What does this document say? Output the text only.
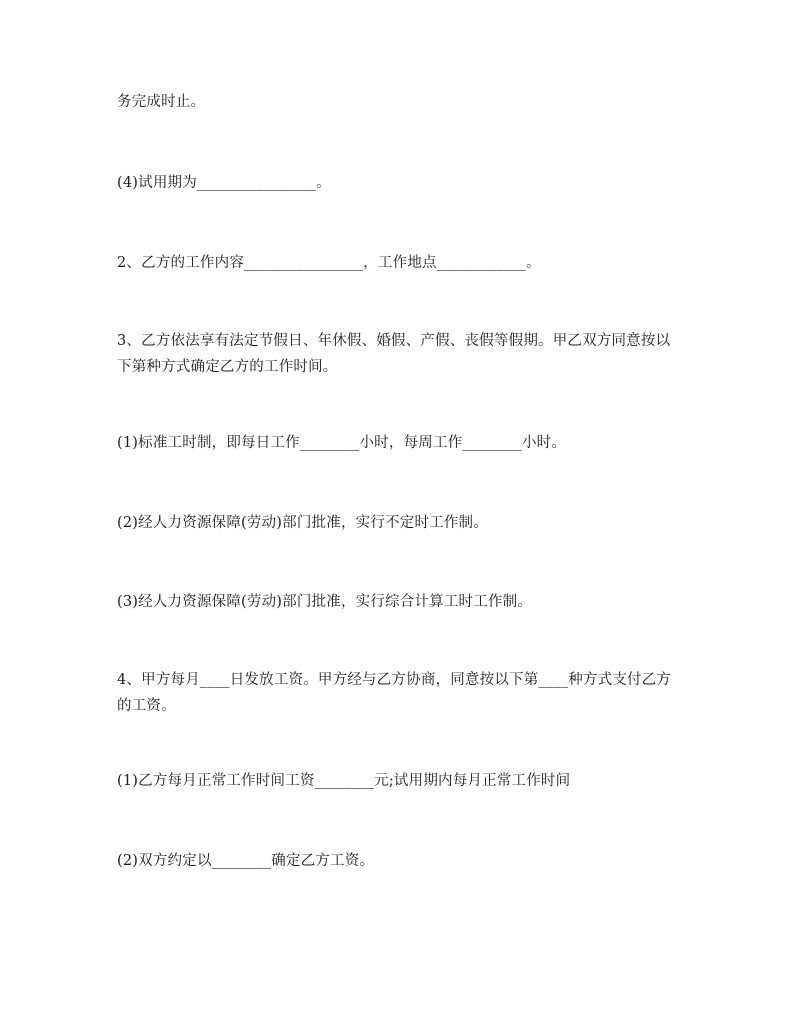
务完成时止。

(4)试用期为________________。

2、乙方的工作内容________________，工作地点____________。

3、乙方依法享有法定节假日、年休假、婚假、产假、丧假等假期。甲乙双方同意按以下第种方式确定乙方的工作时间。

(1)标准工时制，即每日工作________小时，每周工作________小时。

(2)经人力资源保障(劳动)部门批准，实行不定时工作制。

(3)经人力资源保障(劳动)部门批准，实行综合计算工时工作制。

4、甲方每月____日发放工资。甲方经与乙方协商，同意按以下第____种方式支付乙方的工资。

(1)乙方每月正常工作时间工资________元;试用期内每月正常工作时间

(2)双方约定以________确定乙方工资。
